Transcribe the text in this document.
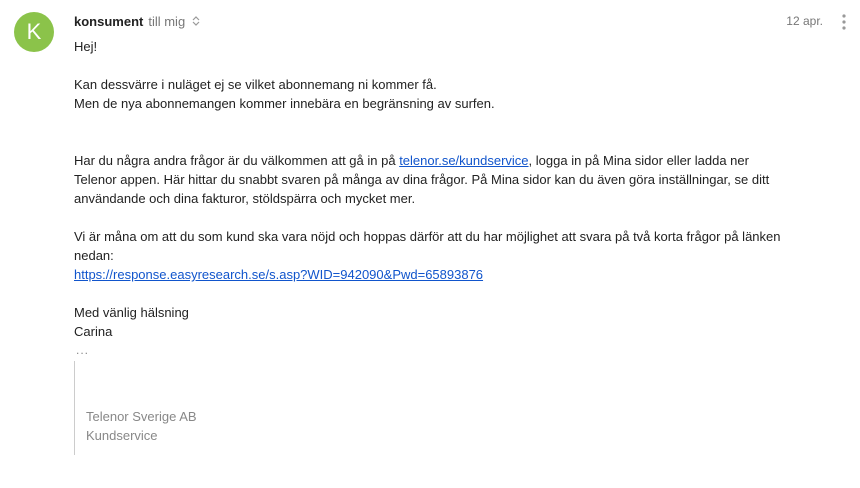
K	konsument till mig	12 apr.

Hej!

Kan dessvärre i nuläget ej se vilket abonnemang ni kommer få.

Men de nya abonnemangen kommer innebära en begränsning av surfen.

Har du några andra frågor är du välkommen att gå in på telenor.se/kundservice, logga in på Mina sidor eller ladda ner

Telenor appen. Här hittar du snabbt svaren på många av dina frågor. På Mina sidor kan du även göra inställningar, se ditt

användande och dina fakturor, stöldspärra och mycket mer.

Vi är måna om att du som kund ska vara nöjd och hoppas därför att du har möjlighet att svara på två korta frågor på länken

nedan:

https://response.easyresearch.se/s.asp?WID=942090&Pwd=65893876

Med vänlig hälsning

Carina

...
Telenor Sverige AB
Kundservice
